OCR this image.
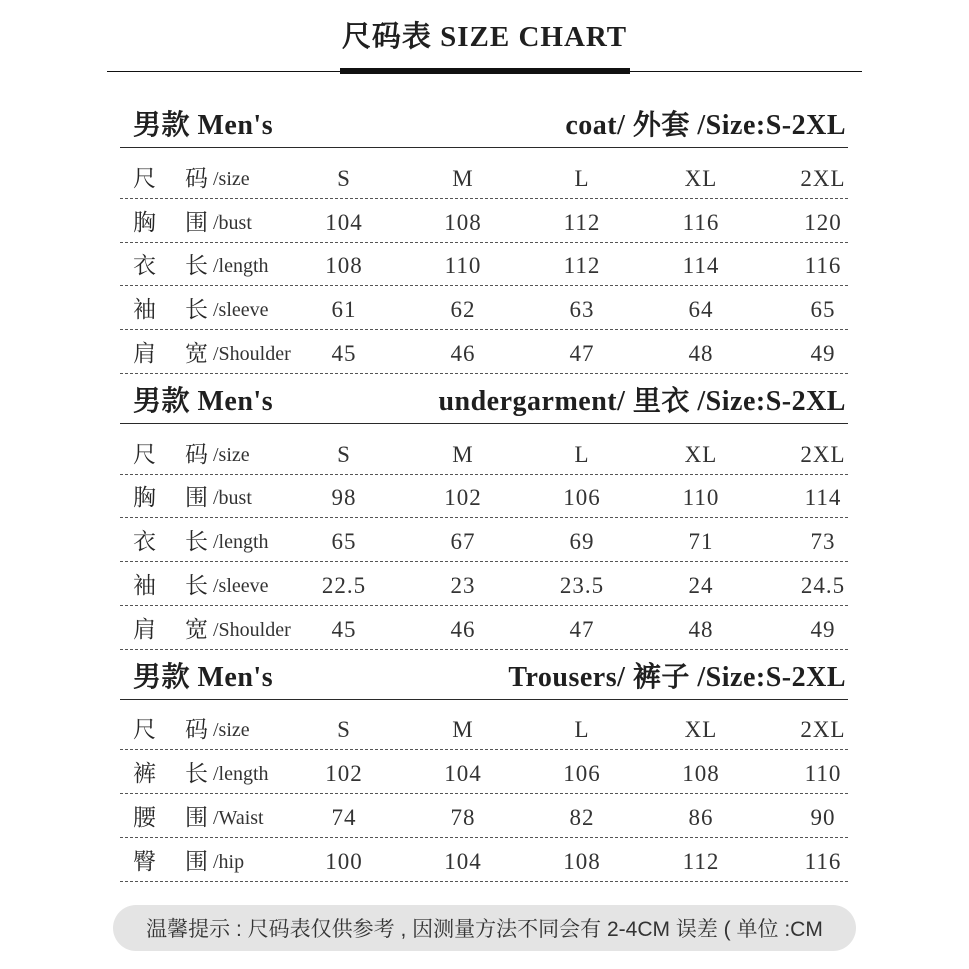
尺码表 SIZE CHART
男款 Men's	coat/ 外套 /Size:S-2XL
尺 码 /size	S	M	L	XL	2XL
胸 围 /bust	104	108	112	116	120
衣 长 /length	108	110	112	114	116
袖 长 /sleeve	61	62	63	64	65
肩 宽 /Shoulder	45	46	47	48	49
男款 Men's	undergarment/ 里衣 /Size:S-2XL
尺 码 /size	S	M	L	XL	2XL
胸 围 /bust	98	102	106	110	114
衣 长 /length	65	67	69	71	73
袖 长 /sleeve	22.5	23	23.5	24	24.5
肩 宽 /Shoulder	45	46	47	48	49
男款 Men's	Trousers/ 裤子 /Size:S-2XL
尺 码 /size	S	M	L	XL	2XL
裤 长 /length	102	104	106	108	110
腰 围 /Waist	74	78	82	86	90
臀 围 /hip	100	104	108	112	116
温馨提示 : 尺码表仅供参考 , 因测量方法不同会有 2-4CM 误差 ( 单位 :CM
